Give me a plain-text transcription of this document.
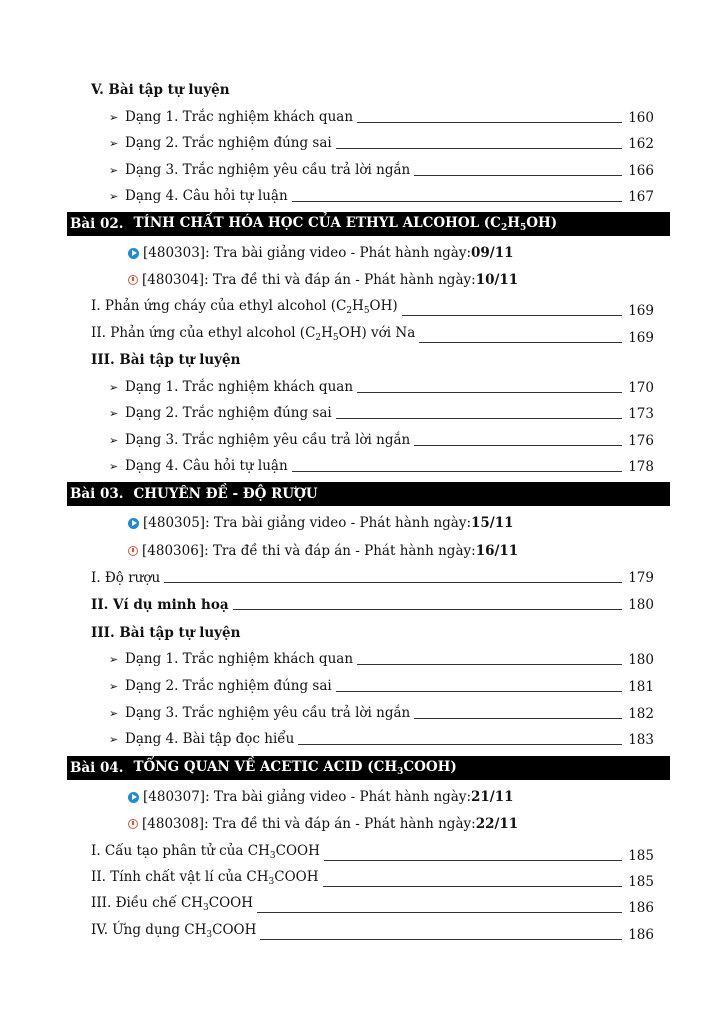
V. Bài tập tự luyện
➢ Dạng 1. Trắc nghiệm khách quan	160
➢ Dạng 2. Trắc nghiệm đúng sai	162
➢ Dạng 3. Trắc nghiệm yêu cầu trả lời ngắn	166
➢ Dạng 4. Câu hỏi tự luận	167
Bài 02. TÍNH CHẤT HÓA HỌC CỦA ETHYL ALCOHOL $(C_2H_5OH)$
[480303]: Tra bài giảng video - Phát hành ngày: 09/11
[480304]: Tra đề thi và đáp án - Phát hành ngày: 10/11
I. Phản ứng cháy của ethyl alcohol $(C_2H_5OH)$	169
II. Phản ứng của ethyl alcohol $(C_2H_5OH)$ với Na	169
III. Bài tập tự luyện
➢ Dạng 1. Trắc nghiệm khách quan	170
➢ Dạng 2. Trắc nghiệm đúng sai	173
➢ Dạng 3. Trắc nghiệm yêu cầu trả lời ngắn	176
➢ Dạng 4. Câu hỏi tự luận	178
Bài 03. CHUYÊN ĐỀ - ĐỘ RƯỢU
[480305]: Tra bài giảng video - Phát hành ngày: 15/11
[480306]: Tra đề thi và đáp án - Phát hành ngày: 16/11
I. Độ rượu	179
II. Ví dụ minh hoạ	180
III. Bài tập tự luyện
➢ Dạng 1. Trắc nghiệm khách quan	180
➢ Dạng 2. Trắc nghiệm đúng sai	181
➢ Dạng 3. Trắc nghiệm yêu cầu trả lời ngắn	182
➢ Dạng 4. Bài tập đọc hiểu	183
Bài 04. TỔNG QUAN VỀ ACETIC ACID $(CH_3COOH)$
[480307]: Tra bài giảng video - Phát hành ngày: 21/11
[480308]: Tra đề thi và đáp án - Phát hành ngày: 22/11
I. Cấu tạo phân tử của $CH_3COOH$	185
II. Tính chất vật lí của $CH_3COOH$	185
III. Điều chế $CH_3COOH$	186
IV. Ứng dụng $CH_3COOH$	186
